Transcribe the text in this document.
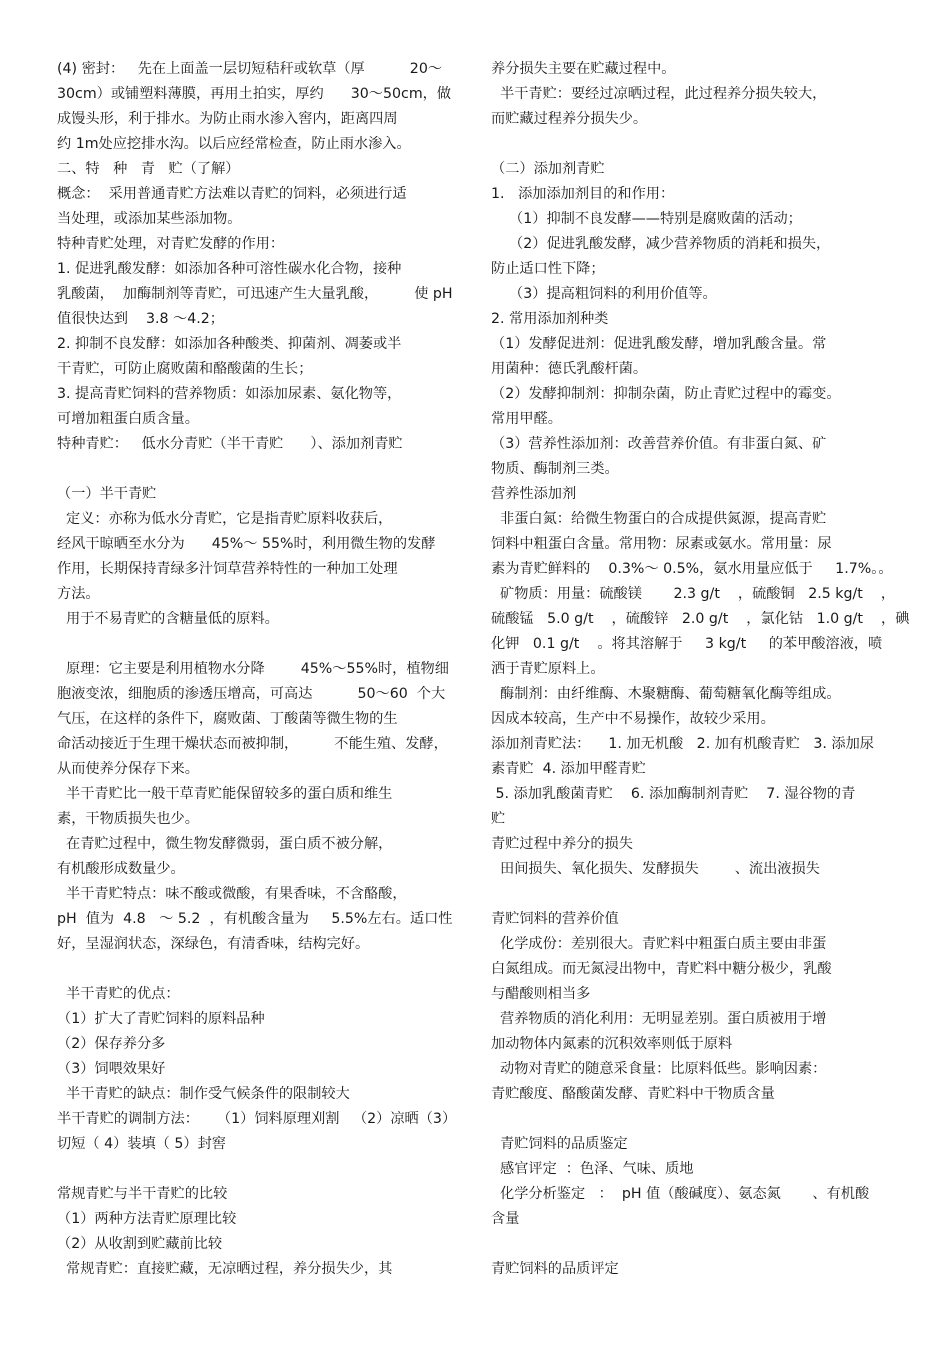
(4) 密封：   先在上面盖一层切短秸秆或软草（厚          20～
30cm）或铺塑料薄膜，再用土拍实，厚约      30～50cm，做
成馒头形，利于排水。为防止雨水渗入窖内，距离四周
约 1m处应挖排水沟。以后应经常检查，防止雨水渗入。
二、特   种   青   贮（了解）
概念：  采用普通青贮方法难以青贮的饲料，必须进行适
当处理，或添加某些添加物。
特种青贮处理，对青贮发酵的作用：
1. 促进乳酸发酵：如添加各种可溶性碳水化合物，接种
乳酸菌，  加酶制剂等青贮，可迅速产生大量乳酸，        使 pH
值很快达到    3.8 ～4.2；
2. 抑制不良发酵：如添加各种酸类、抑菌剂、凋萎或半
干青贮，可防止腐败菌和酪酸菌的生长；
3. 提高青贮饲料的营养物质：如添加尿素、氨化物等，
可增加粗蛋白质含量。
特种青贮：   低水分青贮（半干青贮      ）、添加剂青贮
（一）半干青贮
定义：亦称为低水分青贮，它是指青贮原料收获后，
经风干晾晒至水分为      45%～ 55%时，利用微生物的发酵
作用，长期保持青绿多汁饲草营养特性的一种加工处理
方法。
用于不易青贮的含糖量低的原料。
原理：它主要是利用植物水分降        45%～55%时，植物细
胞液变浓，细胞质的渗透压增高，可高达          50～60  个大
气压，在这样的条件下，腐败菌、丁酸菌等微生物的生
命活动接近于生理干燥状态而被抑制，        不能生殖、发酵，
从而使养分保存下来。
半干青贮比一般干草青贮能保留较多的蛋白质和维生
素，干物质损失也少。
在青贮过程中，微生物发酵微弱，蛋白质不被分解，
有机酸形成数量少。
半干青贮特点：味不酸或微酸，有果香味，不含酪酸，
pH  值为  4.8   ～ 5.2  ，有机酸含量为     5.5%左右。适口性
好，呈湿润状态，深绿色，有清香味，结构完好。
半干青贮的优点：
（1）扩大了青贮饲料的原料品种
（2）保存养分多
（3）饲喂效果好
半干青贮的缺点：制作受气候条件的限制较大
半干青贮的调制方法：    （1）饲料原理刈割   （2）凉晒（3）
切短（ 4）装填（ 5）封窖
常规青贮与半干青贮的比较
（1）两种方法青贮原理比较
（2）从收割到贮藏前比较
常规青贮：直接贮藏，无凉晒过程，养分损失少，其
养分损失主要在贮藏过程中。
半干青贮：要经过凉晒过程，此过程养分损失较大，
而贮藏过程养分损失少。
（二）添加剂青贮
1.   添加添加剂目的和作用：
（1）抑制不良发酵——特别是腐败菌的活动；
（2）促进乳酸发酵，减少营养物质的消耗和损失，
防止适口性下降；
（3）提高粗饲料的利用价值等。
2. 常用添加剂种类
（1）发酵促进剂：促进乳酸发酵，增加乳酸含量。常
用菌种：德氏乳酸杆菌。
（2）发酵抑制剂：抑制杂菌，防止青贮过程中的霉变。
常用甲醛。
（3）营养性添加剂：改善营养价值。有非蛋白氮、矿
物质、酶制剂三类。
营养性添加剂
非蛋白氮：给微生物蛋白的合成提供氮源，提高青贮
饲料中粗蛋白含量。常用物：尿素或氨水。常用量：尿
素为青贮鲜料的    0.3%～ 0.5%，氨水用量应低于     1.7%。。
矿物质：用量：硫酸镁       2.3 g/t    ，硫酸铜   2.5 kg/t    ，
硫酸锰   5.0 g/t    ，硫酸锌   2.0 g/t    ，氯化钴   1.0 g/t    ，碘
化钾   0.1 g/t    。将其溶解于     3 kg/t     的苯甲酸溶液，喷
洒于青贮原料上。
酶制剂：由纤维酶、木聚糖酶、葡萄糖氧化酶等组成。
因成本较高，生产中不易操作，故较少采用。
添加剂青贮法：    1. 加无机酸   2. 加有机酸青贮   3. 添加尿
素青贮  4. 添加甲醛青贮
5. 添加乳酸菌青贮    6. 添加酶制剂青贮    7. 湿谷物的青
贮
青贮过程中养分的损失
田间损失、氧化损失、发酵损失        、流出液损失
青贮饲料的营养价值
化学成份：差别很大。青贮料中粗蛋白质主要由非蛋
白氮组成。而无氮浸出物中，青贮料中糖分极少，乳酸
与醋酸则相当多
营养物质的消化利用：无明显差别。蛋白质被用于增
加动物体内氮素的沉积效率则低于原料
动物对青贮的随意采食量：比原料低些。影响因素：
青贮酸度、酪酸菌发酵、青贮料中干物质含量
青贮饲料的品质鉴定
感官评定  ：色泽、气味、质地
化学分析鉴定   ：  pH 值（酸碱度）、氨态氮       、有机酸
含量
青贮饲料的品质评定
